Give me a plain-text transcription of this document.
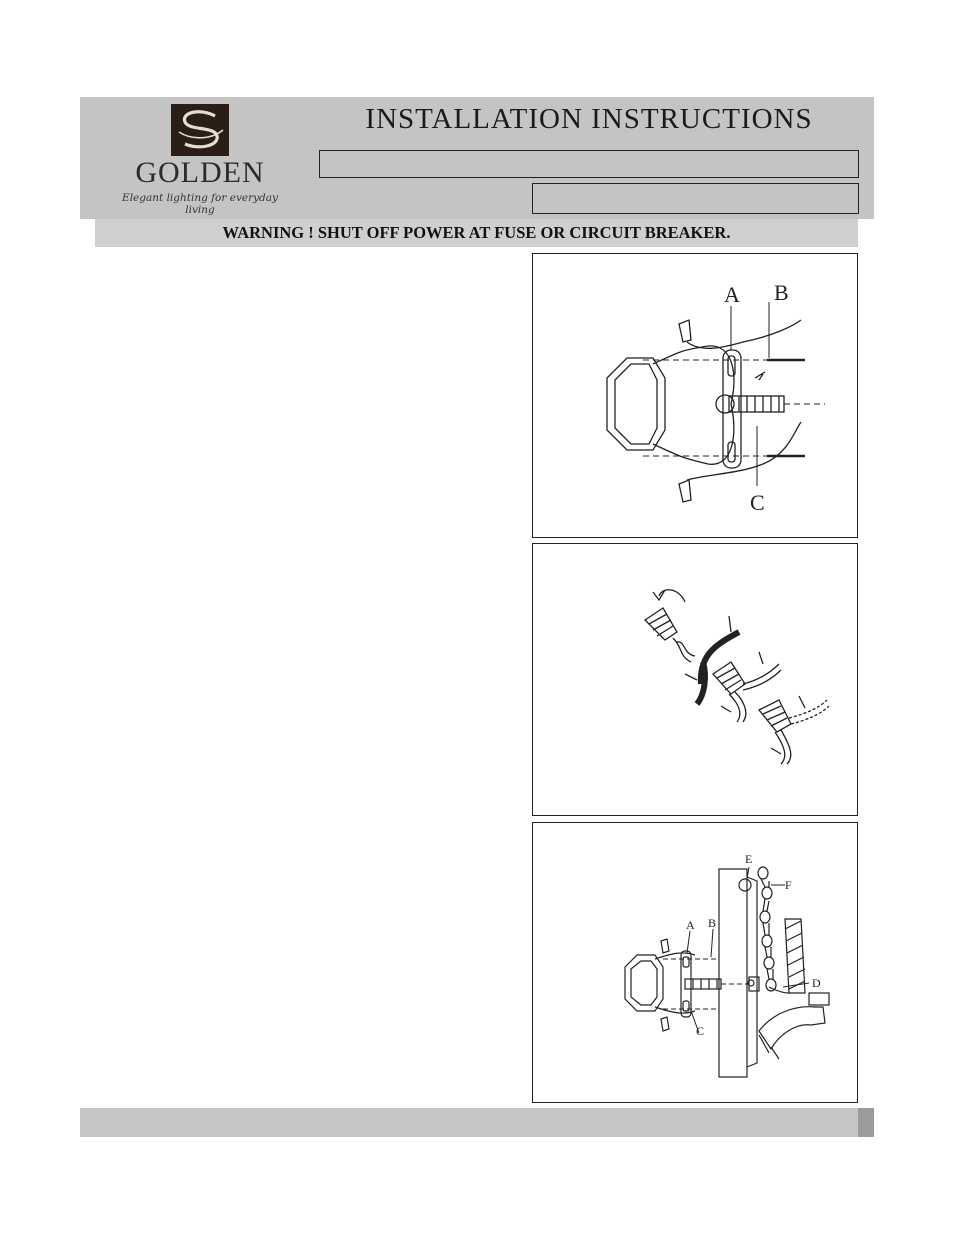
GOLDEN
Elegant lighting for everyday living
INSTALLATION INSTRUCTIONS
WARNING ! SHUT OFF POWER AT FUSE OR CIRCUIT BREAKER.
A B
C
A B
C
D
E
F
